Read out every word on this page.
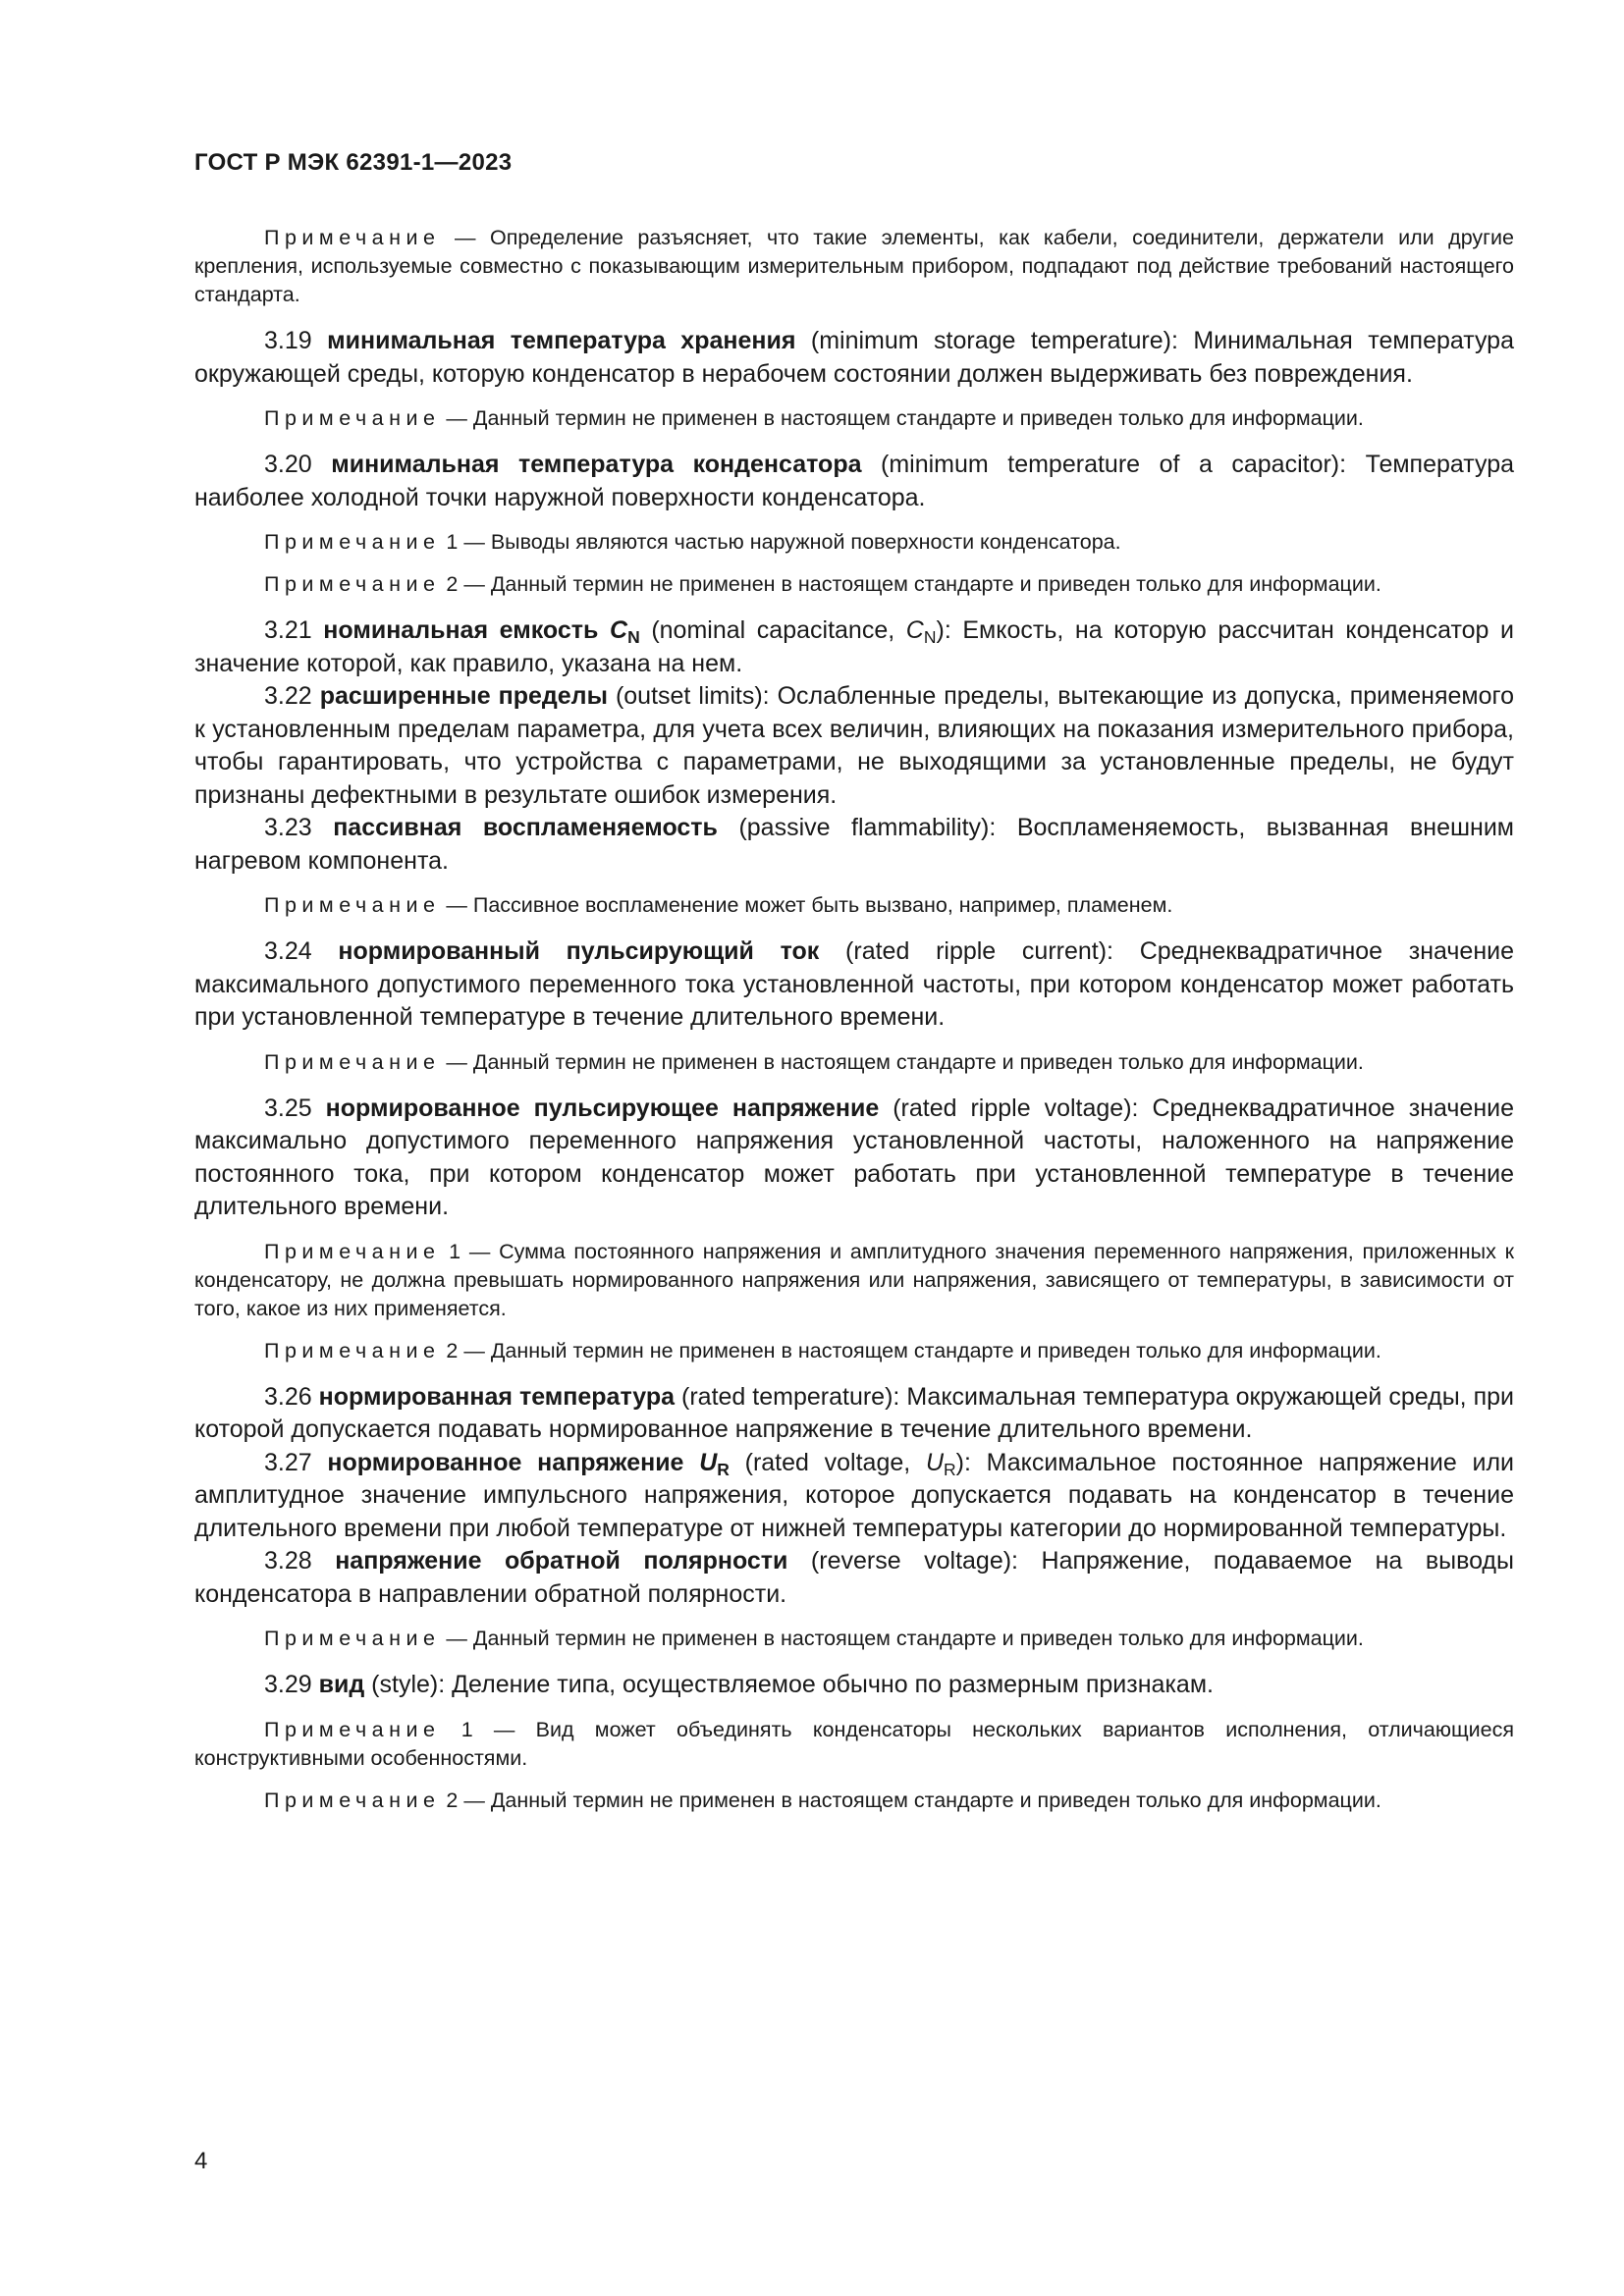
ГОСТ Р МЭК 62391-1—2023

Примечание — Определение разъясняет, что такие элементы, как кабели, соединители, держатели или другие крепления, используемые совместно с показывающим измерительным прибором, подпадают под действие требований настоящего стандарта.

3.19 минимальная температура хранения (minimum storage temperature): Минимальная температура окружающей среды, которую конденсатор в нерабочем состоянии должен выдерживать без повреждения.

Примечание — Данный термин не применен в настоящем стандарте и приведен только для информации.

3.20 минимальная температура конденсатора (minimum temperature of a capacitor): Температура наиболее холодной точки наружной поверхности конденсатора.

Примечание 1 — Выводы являются частью наружной поверхности конденсатора.

Примечание 2 — Данный термин не применен в настоящем стандарте и приведен только для информации.

3.21 номинальная емкость $C_N$ (nominal capacitance, $C_N$): Емкость, на которую рассчитан конденсатор и значение которой, как правило, указана на нем.

3.22 расширенные пределы (outset limits): Ослабленные пределы, вытекающие из допуска, применяемого к установленным пределам параметра, для учета всех величин, влияющих на показания измерительного прибора, чтобы гарантировать, что устройства с параметрами, не выходящими за установленные пределы, не будут признаны дефектными в результате ошибок измерения.

3.23 пассивная воспламеняемость (passive flammability): Воспламеняемость, вызванная внешним нагревом компонента.

Примечание — Пассивное воспламенение может быть вызвано, например, пламенем.

3.24 нормированный пульсирующий ток (rated ripple current): Среднеквадратичное значение максимального допустимого переменного тока установленной частоты, при котором конденсатор может работать при установленной температуре в течение длительного времени.

Примечание — Данный термин не применен в настоящем стандарте и приведен только для информации.

3.25 нормированное пульсирующее напряжение (rated ripple voltage): Среднеквадратичное значение максимально допустимого переменного напряжения установленной частоты, наложенного на напряжение постоянного тока, при котором конденсатор может работать при установленной температуре в течение длительного времени.

Примечание 1 — Сумма постоянного напряжения и амплитудного значения переменного напряжения, приложенных к конденсатору, не должна превышать нормированного напряжения или напряжения, зависящего от температуры, в зависимости от того, какое из них применяется.

Примечание 2 — Данный термин не применен в настоящем стандарте и приведен только для информации.

3.26 нормированная температура (rated temperature): Максимальная температура окружающей среды, при которой допускается подавать нормированное напряжение в течение длительного времени.

3.27 нормированное напряжение $U_R$ (rated voltage, $U_R$): Максимальное постоянное напряжение или амплитудное значение импульсного напряжения, которое допускается подавать на конденсатор в течение длительного времени при любой температуре от нижней температуры категории до нормированной температуры.

3.28 напряжение обратной полярности (reverse voltage): Напряжение, подаваемое на выводы конденсатора в направлении обратной полярности.

Примечание — Данный термин не применен в настоящем стандарте и приведен только для информации.

3.29 вид (style): Деление типа, осуществляемое обычно по размерным признакам.

Примечание 1 — Вид может объединять конденсаторы нескольких вариантов исполнения, отличающиеся конструктивными особенностями.

Примечание 2 — Данный термин не применен в настоящем стандарте и приведен только для информации.

4
